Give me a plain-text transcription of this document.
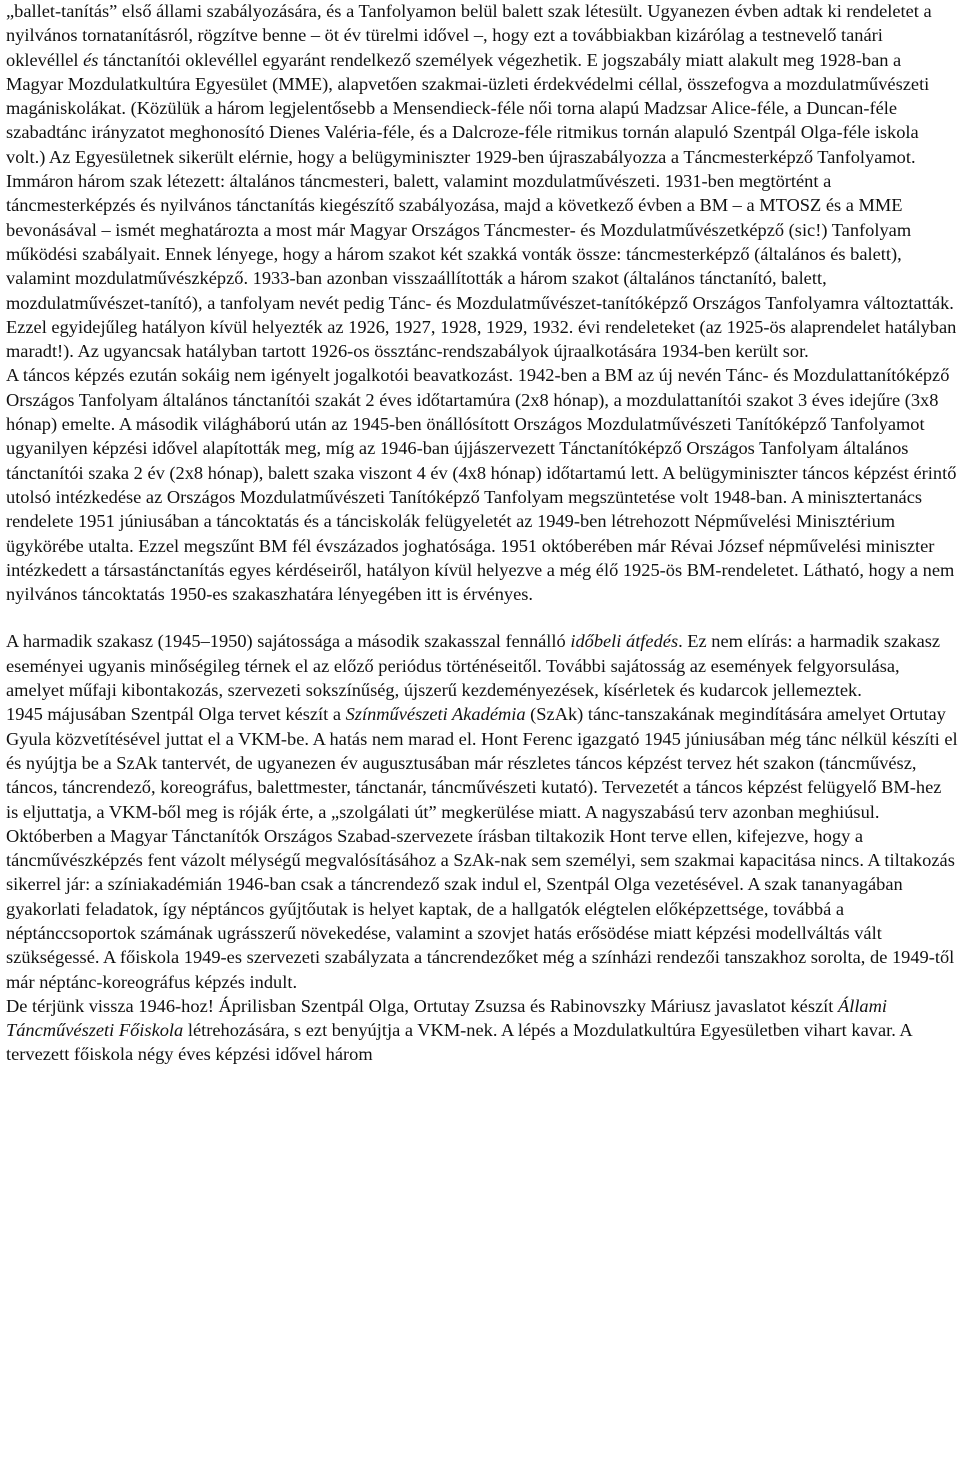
„ballet-tanítás” első állami szabályozására, és a Tanfolyamon belül balett szak létesült. Ugyanezen évben adtak ki rendeletet a nyilvános tornatanításról, rögzítve benne – öt év türelmi idővel –, hogy ezt a továbbiakban kizárólag a testnevelő tanári oklevéllel és tánctanítói oklevéllel egyaránt rendelkező személyek végezhetik. E jogszabály miatt alakult meg 1928-ban a Magyar Mozdulatkultúra Egyesület (MME), alapvetően szakmai-üzleti érdekvédelmi céllal, összefogva a mozdulatművészeti magániskolákat. (Közülük a három legjelentősebb a Mensendieck-féle női torna alapú Madzsar Alice-féle, a Duncan-féle szabadtánc irányzatot meghonosító Dienes Valéria-féle, és a Dalcroze-féle ritmikus tornán alapuló Szentpál Olga-féle iskola volt.) Az Egyesületnek sikerült elérnie, hogy a belügyminiszter 1929-ben újraszabályozza a Táncmesterképző Tanfolyamot. Immáron három szak létezett: általános táncmesteri, balett, valamint mozdulatművészeti. 1931-ben megtörtént a táncmesterképzés és nyilvános tánctanítás kiegészítő szabályozása, majd a következő évben a BM – a MTOSZ és a MME bevonásával – ismét meghatározta a most már Magyar Országos Táncmester- és Mozdulatművészetképző (sic!) Tanfolyam működési szabályait. Ennek lényege, hogy a három szakot két szakká vonták össze: táncmesterképző (általános és balett), valamint mozdulatművészképző. 1933-ban azonban visszaállították a három szakot (általános tánctanító, balett, mozdulatművészet-tanító), a tanfolyam nevét pedig Tánc- és Mozdulatművészet-tanítóképző Országos Tanfolyamra változtatták. Ezzel egyidejűleg hatályon kívül helyezték az 1926, 1927, 1928, 1929, 1932. évi rendeleteket (az 1925-ös alaprendelet hatályban maradt!). Az ugyancsak hatályban tartott 1926-os össztánc-rendszabályok újraalkotására 1934-ben került sor.

A táncos képzés ezután sokáig nem igényelt jogalkotói beavatkozást. 1942-ben a BM az új nevén Tánc- és Mozdulattanítóképző Országos Tanfolyam általános tánctanítói szakát 2 éves időtartamúra (2x8 hónap), a mozdulattanítói szakot 3 éves idejűre (3x8 hónap) emelte. A második világháború után az 1945-ben önállósított Országos Mozdulatművészeti Tanítóképző Tanfolyamot ugyanilyen képzési idővel alapították meg, míg az 1946-ban újjászervezett Tánctanítóképző Országos Tanfolyam általános tánctanítói szaka 2 év (2x8 hónap), balett szaka viszont 4 év (4x8 hónap) időtartamú lett. A belügyminiszter táncos képzést érintő utolsó intézkedése az Országos Mozdulatművészeti Tanítóképző Tanfolyam megszüntetése volt 1948-ban. A minisztertanács rendelete 1951 júniusában a táncoktatás és a tánciskolák felügyeletét az 1949-ben létrehozott Népművelési Minisztérium ügykörébe utalta. Ezzel megszűnt BM fél évszázados joghatósága. 1951 októberében már Révai József népművelési miniszter intézkedett a társastánctanítás egyes kérdéseiről, hatályon kívül helyezve a még élő 1925-ös BM-rendeletet. Látható, hogy a nem nyilvános táncoktatás 1950-es szakaszhatára lényegében itt is érvényes.

A harmadik szakasz (1945–1950) sajátossága a második szakasszal fennálló időbeli átfedés. Ez nem elírás: a harmadik szakasz eseményei ugyanis minőségileg térnek el az előző periódus történéseitől. További sajátosság az események felgyorsulása, amelyet műfaji kibontakozás, szervezeti sokszínűség, újszerű kezdeményezések, kísérletek és kudarcok jellemeztek.

1945 májusában Szentpál Olga tervet készít a Színművészeti Akadémia (SzAk) tánc-tanszakának megindítására amelyet Ortutay Gyula közvetítésével juttat el a VKM-be. A hatás nem marad el. Hont Ferenc igazgató 1945 júniusában még tánc nélkül készíti el és nyújtja be a SzAk tantervét, de ugyanezen év augusztusában már részletes táncos képzést tervez hét szakon (táncművész, táncos, táncrendező, koreográfus, balettmester, tánctanár, táncművészeti kutató). Tervezetét a táncos képzést felügyelő BM-hez is eljuttatja, a VKM-ből meg is róják érte, a „szolgálati út” megkerülése miatt. A nagyszabású terv azonban meghiúsul. Októberben a Magyar Tánctanítók Országos Szabad-szervezete írásban tiltakozik Hont terve ellen, kifejezve, hogy a táncművészképzés fent vázolt mélységű megvalósításához a SzAk-nak sem személyi, sem szakmai kapacitása nincs. A tiltakozás sikerrel jár: a színiakadémián 1946-ban csak a táncrendező szak indul el, Szentpál Olga vezetésével. A szak tananyagában gyakorlati feladatok, így néptáncos gyűjtőutak is helyet kaptak, de a hallgatók elégtelen előképzettsége, továbbá a néptánccsoportok számának ugrásszerű növekedése, valamint a szovjet hatás erősödése miatt képzési modellváltás vált szükségessé. A főiskola 1949-es szervezeti szabályzata a táncrendezőket még a színházi rendezői tanszakhoz sorolta, de 1949-től már néptánc-koreográfus képzés indult.

De térjünk vissza 1946-hoz! Áprilisban Szentpál Olga, Ortutay Zsuzsa és Rabinovszky Máriusz javaslatot készít Állami Táncművészeti Főiskola létrehozására, s ezt benyújtja a VKM-nek. A lépés a Mozdulatkultúra Egyesületben vihart kavar. A tervezett főiskola négy éves képzési idővel három
